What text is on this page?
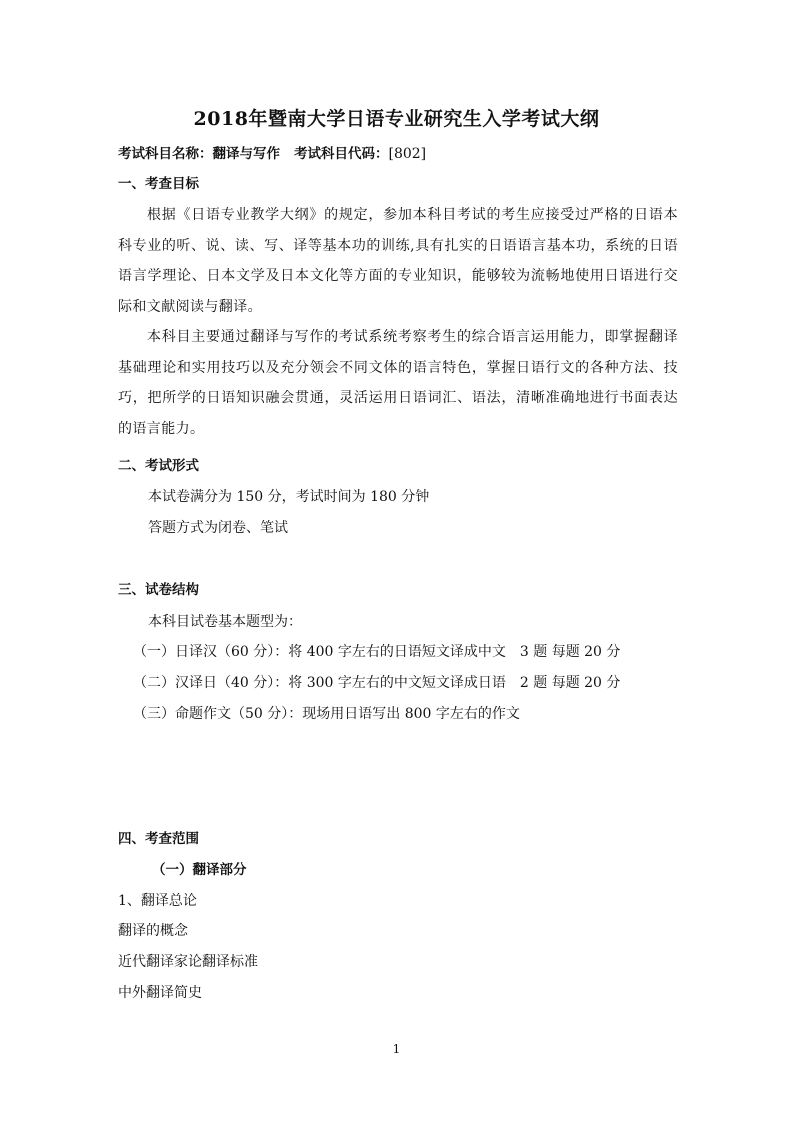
2018年暨南大学日语专业研究生入学考试大纲
考试科目名称：翻译与写作 考试科目代码：[802]
一、考查目标
根据《日语专业教学大纲》的规定，参加本科目考试的考生应接受过严格的日语本科专业的听、说、读、写、译等基本功的训练,具有扎实的日语语言基本功，系统的日语语言学理论、日本文学及日本文化等方面的专业知识，能够较为流畅地使用日语进行交际和文献阅读与翻译。
本科目主要通过翻译与写作的考试系统考察考生的综合语言运用能力，即掌握翻译基础理论和实用技巧以及充分领会不同文体的语言特色，掌握日语行文的各种方法、技巧，把所学的日语知识融会贯通，灵活运用日语词汇、语法，清晰准确地进行书面表达的语言能力。
二、考试形式
本试卷满分为 150 分，考试时间为 180 分钟
答题方式为闭卷、笔试
三、试卷结构
本科目试卷基本题型为：
（一）日译汉（60 分）：将 400 字左右的日语短文译成中文　3 题 每题 20 分
（二）汉译日（40 分）：将 300 字左右的中文短文译成日语　2 题 每题 20 分
（三）命题作文（50 分）：现场用日语写出 800 字左右的作文
四、考查范围
（一）翻译部分
1、翻译总论
翻译的概念
近代翻译家论翻译标准
中外翻译简史
1
